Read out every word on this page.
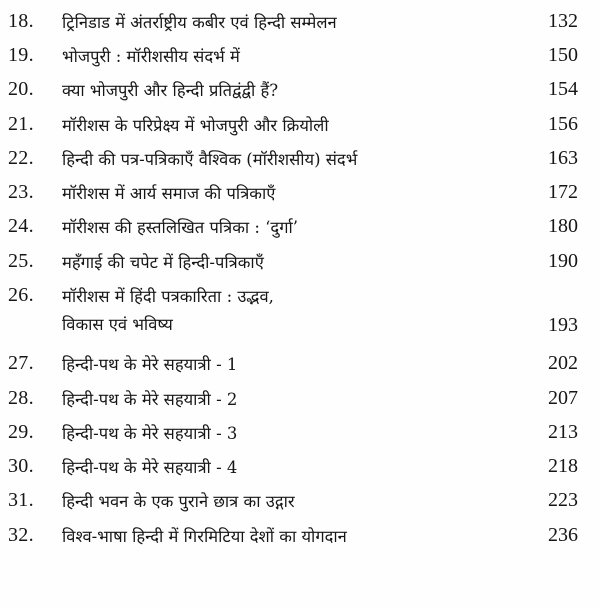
18. ट्रिनिडाड में अंतर्राष्ट्रीय कबीर एवं हिन्दी सम्मेलन	132
19. भोजपुरी : मॉरीशसीय संदर्भ में	150
20. क्या भोजपुरी और हिन्दी प्रतिद्वंद्वी हैं?	154
21. मॉरीशस के परिप्रेक्ष्य में भोजपुरी और क्रियोली	156
22. हिन्दी की पत्र-पत्रिकाएँ वैश्विक (मॉरीशसीय) संदर्भ	163
23. मॉरीशस में आर्य समाज की पत्रिकाएँ	172
24. मॉरीशस की हस्तलिखित पत्रिका : ‘दुर्गा’	180
25. महँगाई की चपेट में हिन्दी-पत्रिकाएँ	190
26. मॉरीशस में हिंदी पत्रकारिता : उद्भव,
विकास एवं भविष्य	193
27. हिन्दी-पथ के मेरे सहयात्री - 1	202
28. हिन्दी-पथ के मेरे सहयात्री - 2	207
29. हिन्दी-पथ के मेरे सहयात्री - 3	213
30. हिन्दी-पथ के मेरे सहयात्री - 4	218
31. हिन्दी भवन के एक पुराने छात्र का उद्गार	223
32. विश्व-भाषा हिन्दी में गिरमिटिया देशों का योगदान	236
